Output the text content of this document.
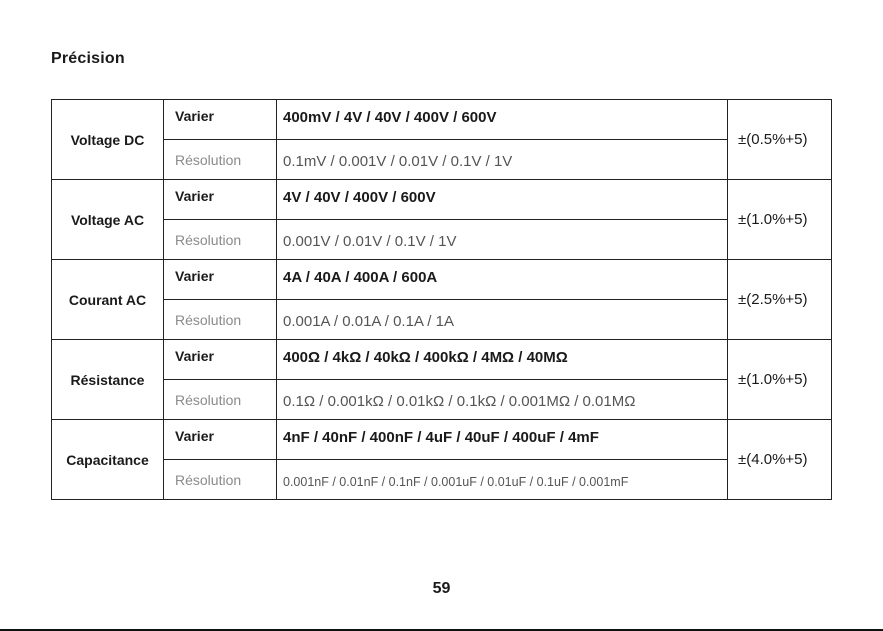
Précision
Voltage DC	Varier	400mV / 4V / 40V / 400V / 600V	±(0.5%+5)
	Résolution	0.1mV / 0.001V / 0.01V / 0.1V / 1V	
Voltage AC	Varier	4V / 40V / 400V / 600V	±(1.0%+5)
	Résolution	0.001V / 0.01V / 0.1V / 1V	
Courant AC	Varier	4A / 40A / 400A / 600A	±(2.5%+5)
	Résolution	0.001A / 0.01A / 0.1A / 1A	
Résistance	Varier	400Ω / 4kΩ / 40kΩ / 400kΩ / 4MΩ / 40MΩ	±(1.0%+5)
	Résolution	0.1Ω / 0.001kΩ / 0.01kΩ / 0.1kΩ / 0.001MΩ / 0.01MΩ	
Capacitance	Varier	4nF / 40nF / 400nF / 4uF / 40uF / 400uF / 4mF	±(4.0%+5)
	Résolution	0.001nF / 0.01nF / 0.1nF / 0.001uF / 0.01uF / 0.1uF / 0.001mF	
59
